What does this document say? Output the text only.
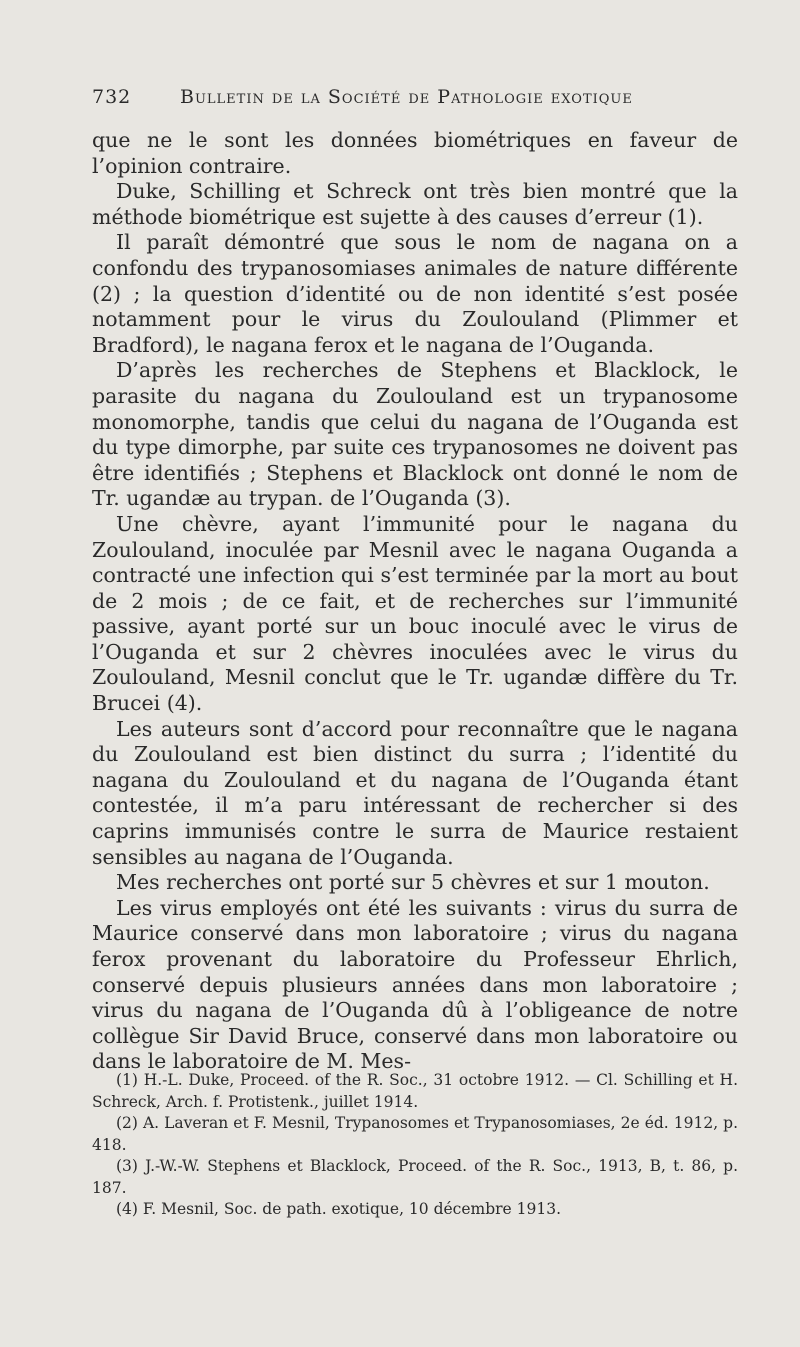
732	Bulletin de la Société de Pathologie exotique

que ne le sont les données biométriques en faveur de l’opinion contraire.

Duke, Schilling et Schreck ont très bien montré que la méthode biométrique est sujette à des causes d’erreur (1).

Il paraît démontré que sous le nom de nagana on a confondu des trypanosomiases animales de nature différente (2) ; la question d’identité ou de non identité s’est posée notamment pour le virus du Zoulouland (Plimmer et Bradford), le nagana ferox et le nagana de l’Ouganda.

D’après les recherches de Stephens et Blacklock, le parasite du nagana du Zoulouland est un trypanosome monomorphe, tandis que celui du nagana de l’Ouganda est du type dimorphe, par suite ces trypanosomes ne doivent pas être identifiés ; Stephens et Blacklock ont donné le nom de Tr. ugandæ au trypan. de l’Ouganda (3).

Une chèvre, ayant l’immunité pour le nagana du Zoulouland, inoculée par Mesnil avec le nagana Ouganda a contracté une infection qui s’est terminée par la mort au bout de 2 mois ; de ce fait, et de recherches sur l’immunité passive, ayant porté sur un bouc inoculé avec le virus de l’Ouganda et sur 2 chèvres inoculées avec le virus du Zoulouland, Mesnil conclut que le Tr. ugandæ diffère du Tr. Brucei (4).

Les auteurs sont d’accord pour reconnaître que le nagana du Zoulouland est bien distinct du surra ; l’identité du nagana du Zoulouland et du nagana de l’Ouganda étant contestée, il m’a paru intéressant de rechercher si des caprins immunisés contre le surra de Maurice restaient sensibles au nagana de l’Ouganda.

Mes recherches ont porté sur 5 chèvres et sur 1 mouton.

Les virus employés ont été les suivants : virus du surra de Maurice conservé dans mon laboratoire ; virus du nagana ferox provenant du laboratoire du Professeur Ehrlich, conservé depuis plusieurs années dans mon laboratoire ; virus du nagana de l’Ouganda dû à l’obligeance de notre collègue Sir David Bruce, conservé dans mon laboratoire ou dans le laboratoire de M. Mes-

(1) H.-L. Duke, Proceed. of the R. Soc., 31 octobre 1912. — Cl. Schilling et H. Schreck, Arch. f. Protistenk., juillet 1914.

(2) A. Laveran et F. Mesnil, Trypanosomes et Trypanosomiases, 2e éd. 1912, p. 418.

(3) J.-W.-W. Stephens et Blacklock, Proceed. of the R. Soc., 1913, B, t. 86, p. 187.

(4) F. Mesnil, Soc. de path. exotique, 10 décembre 1913.
